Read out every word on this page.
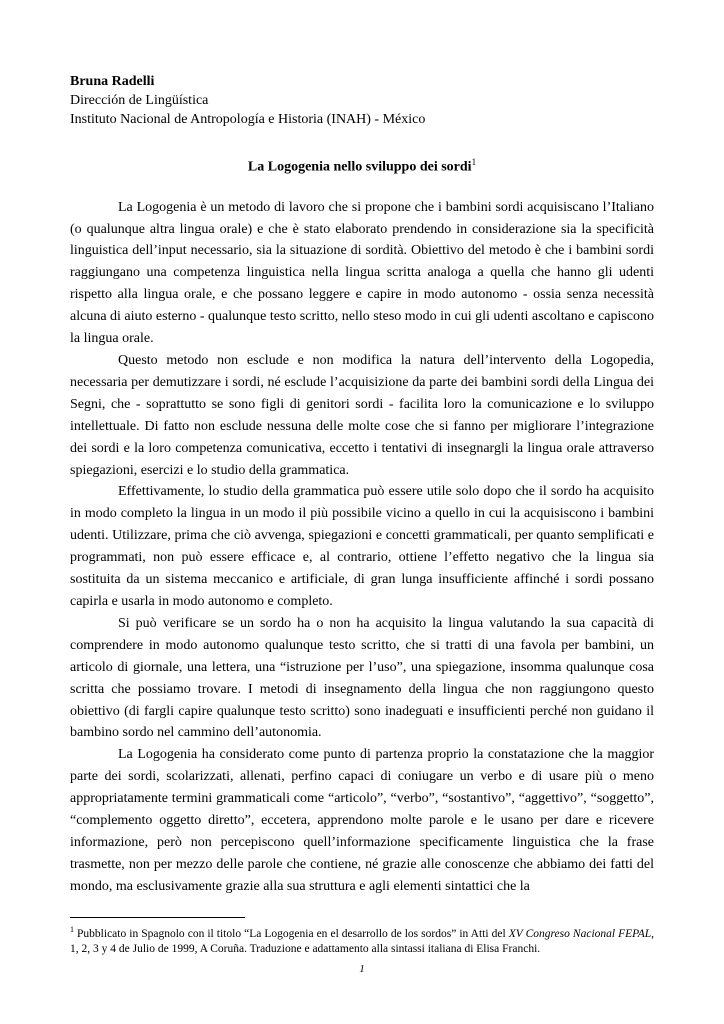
Bruna Radelli
Dirección de Lingüística
Instituto Nacional de Antropología e Historia (INAH) - México
La Logogenia nello sviluppo dei sordi$^1$

La Logogenia è un metodo di lavoro che si propone che i bambini sordi acquisiscano l’Italiano (o qualunque altra lingua orale) e che è stato elaborato prendendo in considerazione sia la specificità linguistica dell’input necessario, sia la situazione di sordità. Obiettivo del metodo è che i bambini sordi raggiungano una competenza linguistica nella lingua scritta analoga a quella che hanno gli udenti rispetto alla lingua orale, e che possano leggere e capire in modo autonomo - ossia senza necessità alcuna di aiuto esterno - qualunque testo scritto, nello steso modo in cui gli udenti ascoltano e capiscono la lingua orale.

Questo metodo non esclude e non modifica la natura dell’intervento della Logopedia, necessaria per demutizzare i sordi, né esclude l’acquisizione da parte dei bambini sordi della Lingua dei Segni, che - soprattutto se sono figli di genitori sordi - facilita loro la comunicazione e lo sviluppo intellettuale. Di fatto non esclude nessuna delle molte cose che si fanno per migliorare l’integrazione dei sordi e la loro competenza comunicativa, eccetto i tentativi di insegnargli la lingua orale attraverso spiegazioni, esercizi e lo studio della grammatica.

Effettivamente, lo studio della grammatica può essere utile solo dopo che il sordo ha acquisito in modo completo la lingua in un modo il più possibile vicino a quello in cui la acquisiscono i bambini udenti. Utilizzare, prima che ciò avvenga, spiegazioni e concetti grammaticali, per quanto semplificati e programmati, non può essere efficace e, al contrario, ottiene l’effetto negativo che la lingua sia sostituita da un sistema meccanico e artificiale, di gran lunga insufficiente affinché i sordi possano capirla e usarla in modo autonomo e completo.

Si può verificare se un sordo ha o non ha acquisito la lingua valutando la sua capacità di comprendere in modo autonomo qualunque testo scritto, che si tratti di una favola per bambini, un articolo di giornale, una lettera, una “istruzione per l’uso”, una spiegazione, insomma qualunque cosa scritta che possiamo trovare. I metodi di insegnamento della lingua che non raggiungono questo obiettivo (di fargli capire qualunque testo scritto) sono inadeguati e insufficienti perché non guidano il bambino sordo nel cammino dell’autonomia.

La Logogenia ha considerato come punto di partenza proprio la constatazione che la maggior parte dei sordi, scolarizzati, allenati, perfino capaci di coniugare un verbo e di usare più o meno appropriatamente termini grammaticali come “articolo”, “verbo”, “sostantivo”, “aggettivo”, “soggetto”, “complemento oggetto diretto”, eccetera, apprendono molte parole e le usano per dare e ricevere informazione, però non percepiscono quell’informazione specificamente linguistica che la frase trasmette, non per mezzo delle parole che contiene, né grazie alle conoscenze che abbiamo dei fatti del mondo, ma esclusivamente grazie alla sua struttura e agli elementi sintattici che la

$^1$ Pubblicato in Spagnolo con il titolo “La Logogenia en el desarrollo de los sordos” in Atti del XV Congreso Nacional FEPAL, 1, 2, 3 y 4 de Julio de 1999, A Coruña. Traduzione e adattamento alla sintassi italiana di Elisa Franchi.
1
